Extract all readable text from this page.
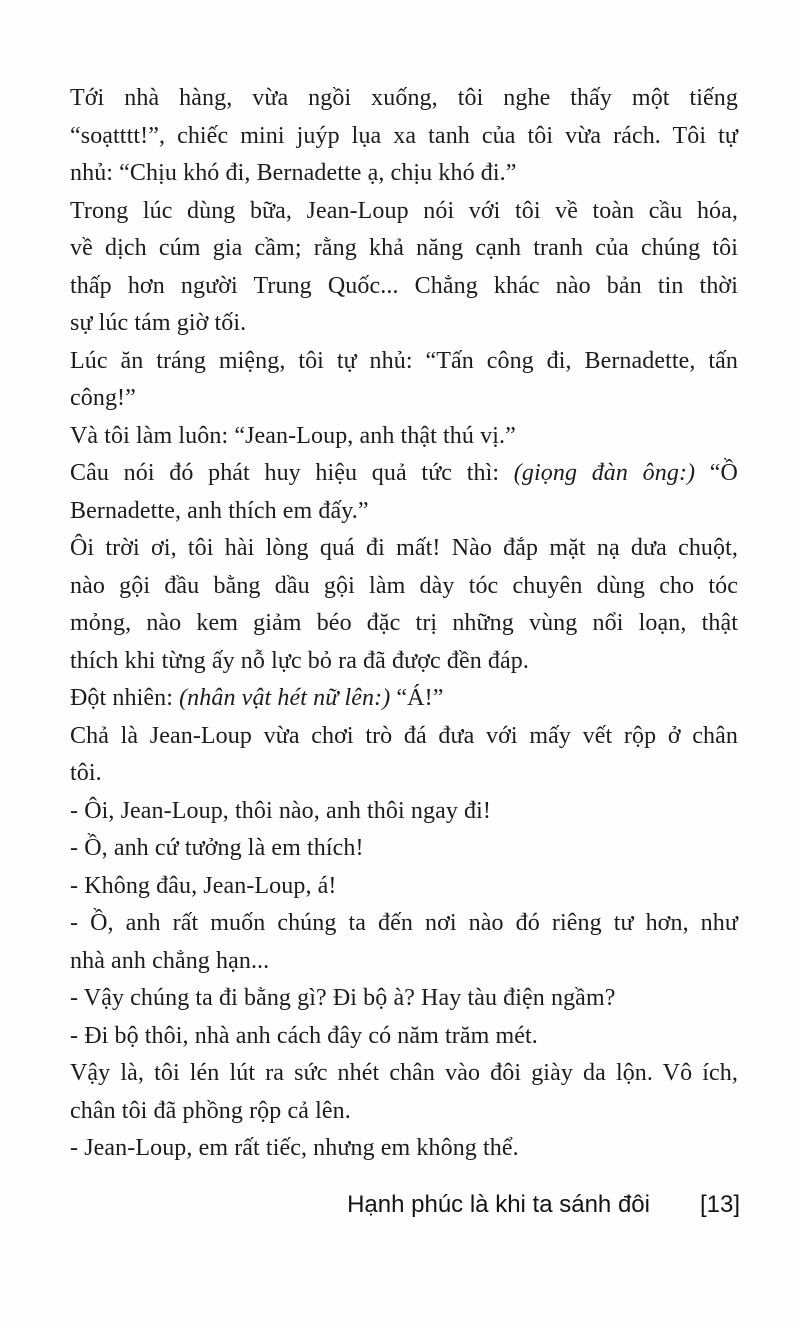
Tới nhà hàng, vừa ngồi xuống, tôi nghe thấy một tiếng
“soạtttt!”, chiếc mini juýp lụa xa tanh của tôi vừa rách. Tôi tự
nhủ: “Chịu khó đi, Bernadette ạ, chịu khó đi.”
Trong lúc dùng bữa, Jean-Loup nói với tôi về toàn cầu hóa,
về dịch cúm gia cầm; rằng khả năng cạnh tranh của chúng tôi
thấp hơn người Trung Quốc... Chẳng khác nào bản tin thời
sự lúc tám giờ tối.
Lúc ăn tráng miệng, tôi tự nhủ: “Tấn công đi, Bernadette, tấn
công!”
Và tôi làm luôn: “Jean-Loup, anh thật thú vị.”
Câu nói đó phát huy hiệu quả tức thì: (giọng đàn ông:) “Ồ
Bernadette, anh thích em đấy.”
Ôi trời ơi, tôi hài lòng quá đi mất! Nào đắp mặt nạ dưa chuột,
nào gội đầu bằng dầu gội làm dày tóc chuyên dùng cho tóc
mỏng, nào kem giảm béo đặc trị những vùng nổi loạn, thật
thích khi từng ấy nỗ lực bỏ ra đã được đền đáp.
Đột nhiên: (nhân vật hét nữ lên:) “Á!”
Chả là Jean-Loup vừa chơi trò đá đưa với mấy vết rộp ở chân
tôi.
- Ôi, Jean-Loup, thôi nào, anh thôi ngay đi!
- Ồ, anh cứ tưởng là em thích!
- Không đâu, Jean-Loup, á!
- Ồ, anh rất muốn chúng ta đến nơi nào đó riêng tư hơn, như
nhà anh chẳng hạn...
- Vậy chúng ta đi bằng gì? Đi bộ à? Hay tàu điện ngầm?
- Đi bộ thôi, nhà anh cách đây có năm trăm mét.
Vậy là, tôi lén lút ra sức nhét chân vào đôi giày da lộn. Vô ích,
chân tôi đã phồng rộp cả lên.
- Jean-Loup, em rất tiếc, nhưng em không thể.
Hạnh phúc là khi ta sánh đôi [13]
